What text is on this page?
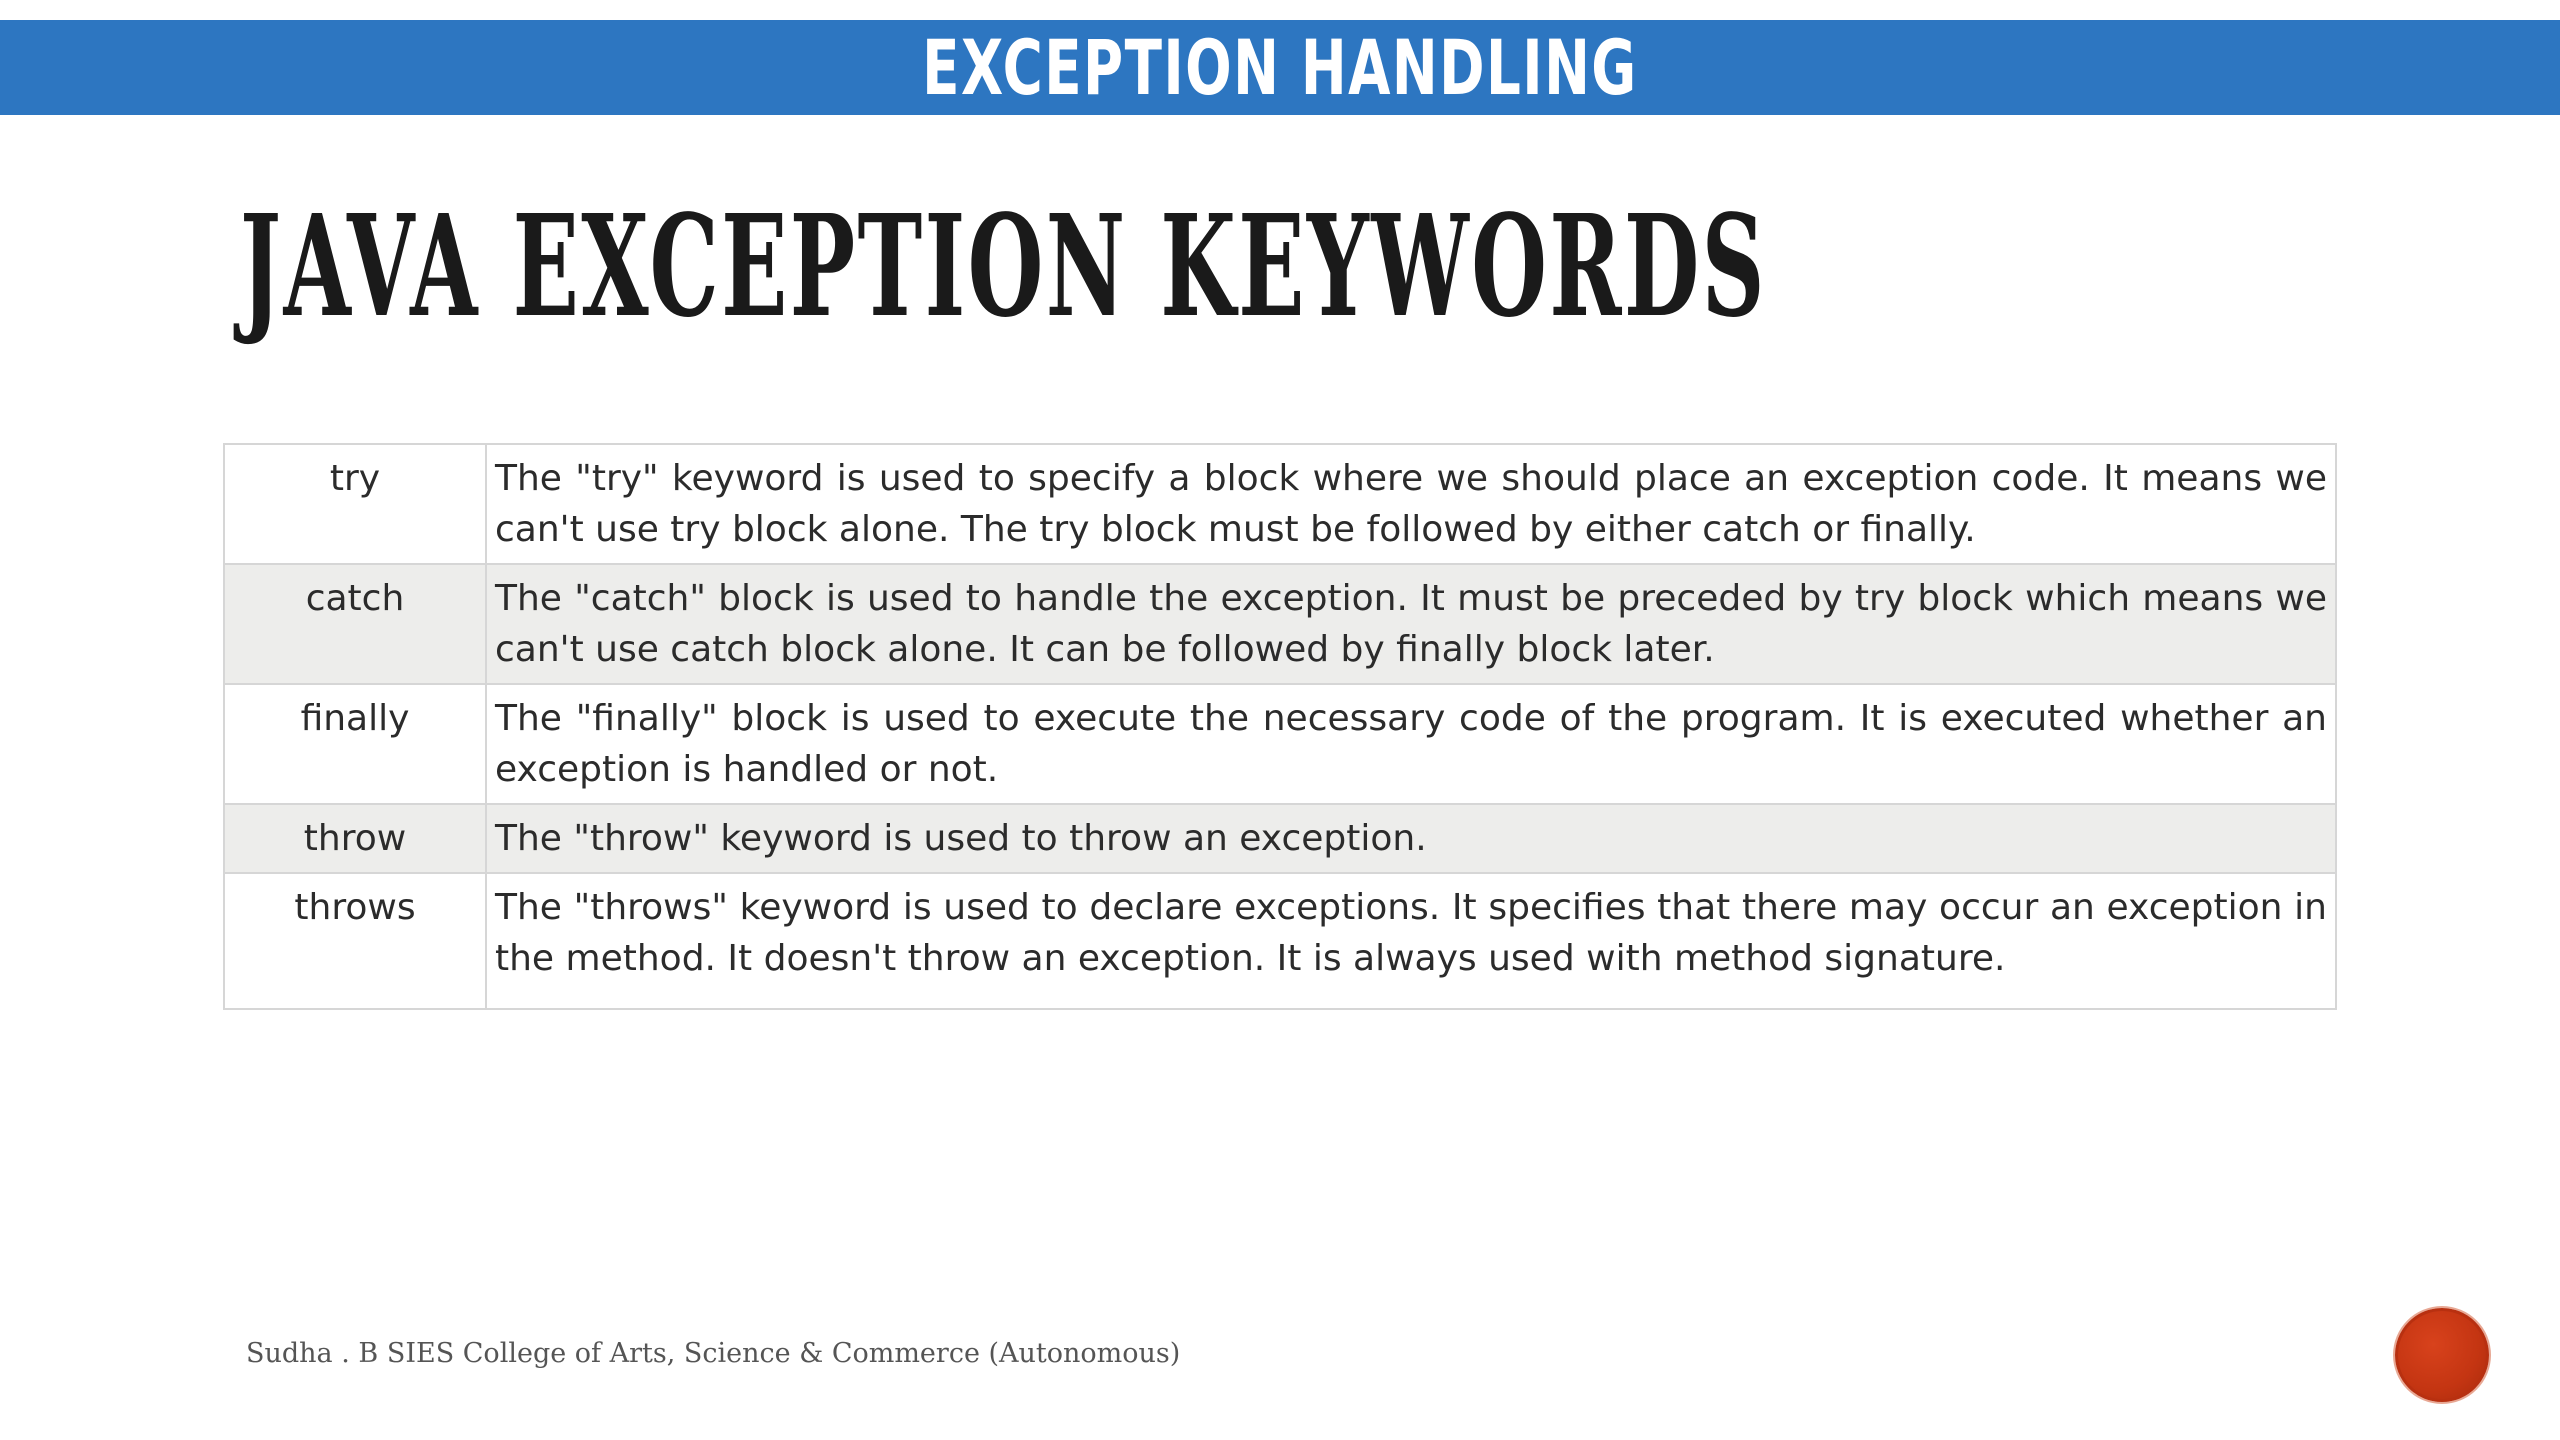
EXCEPTION HANDLING
JAVA EXCEPTION KEYWORDS
try	The "try" keyword is used to specify a block where we should place an exception code. It means we can't use try block alone. The try block must be followed by either catch or finally.
catch	The "catch" block is used to handle the exception. It must be preceded by try block which means we can't use catch block alone. It can be followed by finally block later.
finally	The "finally" block is used to execute the necessary code of the program. It is executed whether an exception is handled or not.
throw	The "throw" keyword is used to throw an exception.
throws	The "throws" keyword is used to declare exceptions. It specifies that there may occur an exception in the method. It doesn't throw an exception. It is always used with method signature.
Sudha . B SIES College of Arts, Science & Commerce (Autonomous)
